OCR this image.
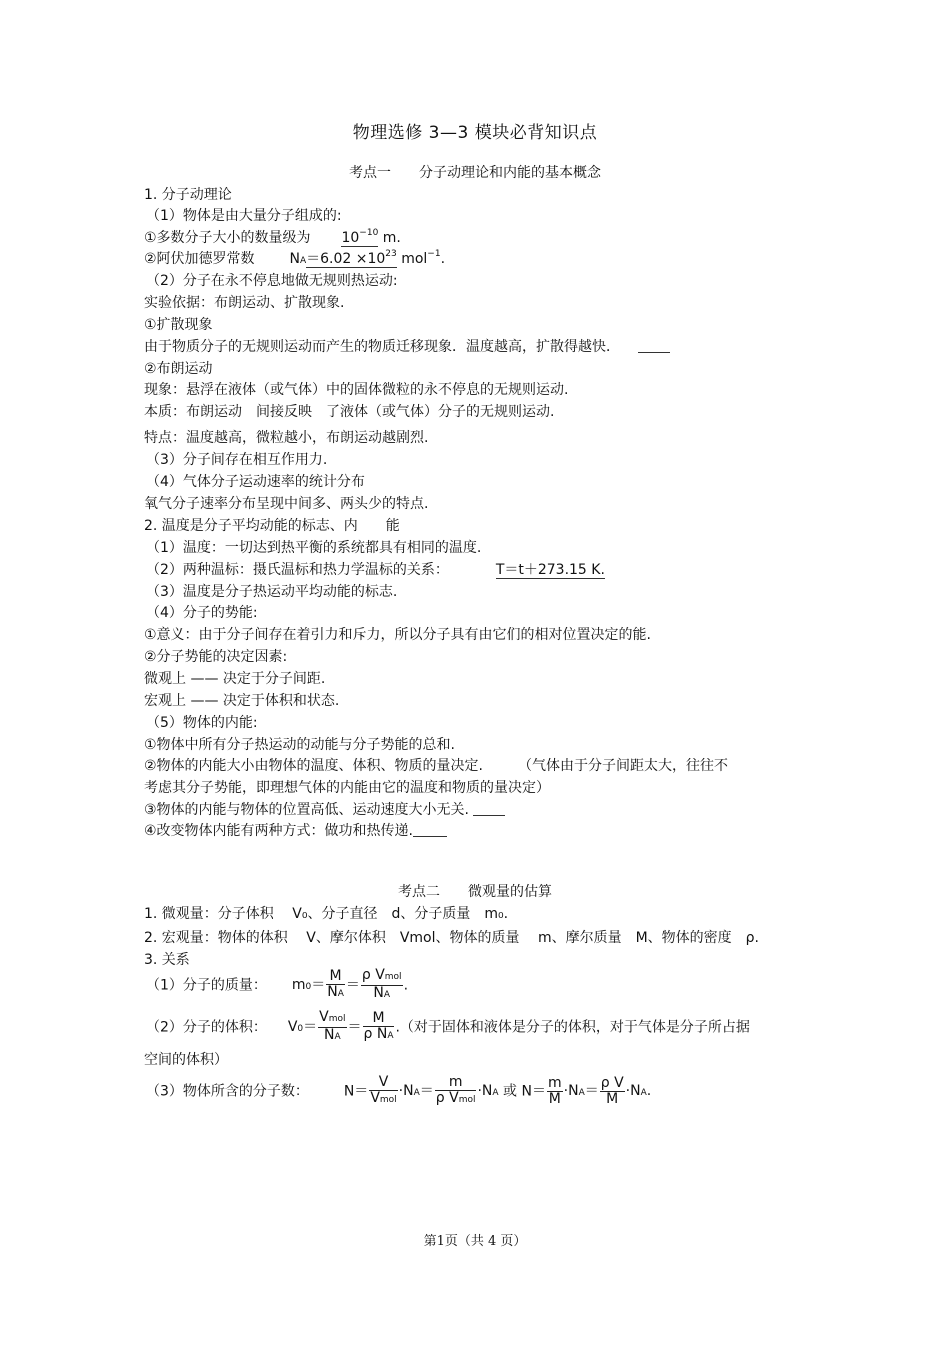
物理选修 3—3 模块必背知识点
考点一　　分子动理论和内能的基本概念
1. 分子动理论
（1）物体是由大量分子组成的:
①多数分子大小的数量级为 $10^{-10}$ m.
②阿伏加德罗常数 $NA=6.02 \times 10^{23}$ mol$^{-1}$.
（2）分子在永不停息地做无规则热运动:
实验依据：布朗运动、扩散现象.
①扩散现象
由于物质分子的无规则运动而产生的物质迁移现象．温度越高，扩散得越快．
②布朗运动
现象：悬浮在液体（或气体）中的固体微粒的永不停息的无规则运动.
本质：布朗运动　间接反映　了液体（或气体）分子的无规则运动.
特点：温度越高，微粒越小，布朗运动越剧烈.
（3）分子间存在相互作用力.
（4）气体分子运动速率的统计分布
氧气分子速率分布呈现中间多、两头少的特点.
2. 温度是分子平均动能的标志、内　　能
（1）温度：一切达到热平衡的系统都具有相同的温度.
（2）两种温标：摄氏温标和热力学温标的关系：	T＝t＋273.15 K.
（3）温度是分子热运动平均动能的标志.
（4）分子的势能:
①意义：由于分子间存在着引力和斥力，所以分子具有由它们的相对位置决定的能.
②分子势能的决定因素:
微观上 —— 决定于分子间距.
宏观上 —— 决定于体积和状态.
（5）物体的内能:
①物体中所有分子热运动的动能与分子势能的总和.
②物体的内能大小由物体的温度、体积、物质的量决定.　　　（气体由于分子间距太大，往往不
考虑其分子势能，即理想气体的内能由它的温度和物质的量决定）
③物体的内能与物体的位置高低、运动速度大小无关.
④改变物体内能有两种方式：做功和热传递.
考点二　　微观量的估算
1. 微观量：分子体积　 V₀、分子直径　d、分子质量　m₀.
2. 宏观量：物体的体积　 V、摩尔体积　Vmol、物体的质量　 m、摩尔质量　M、物体的密度　ρ.
3. 关系
（1）分子的质量： $m0= \frac{M}{NA} = \frac{\text{ρ Vmol}}{NA}$ .
（2）分子的体积： $V0= \frac{\text{Vmol}}{NA} = \frac{M}{\text{ρ NA}}$ .（对于固体和液体是分子的体积，对于气体是分子所占据
空间的体积）
（3）物体所含的分子数： $N= \frac{V}{\text{Vmol}} \cdot NA= \frac{m}{\text{ρ Vmol}} \cdot NA$ 或 $N= \frac{m}{M} \cdot NA= \frac{\text{ρ V}}{M} \cdot NA$.
第1页（共 4 页）
